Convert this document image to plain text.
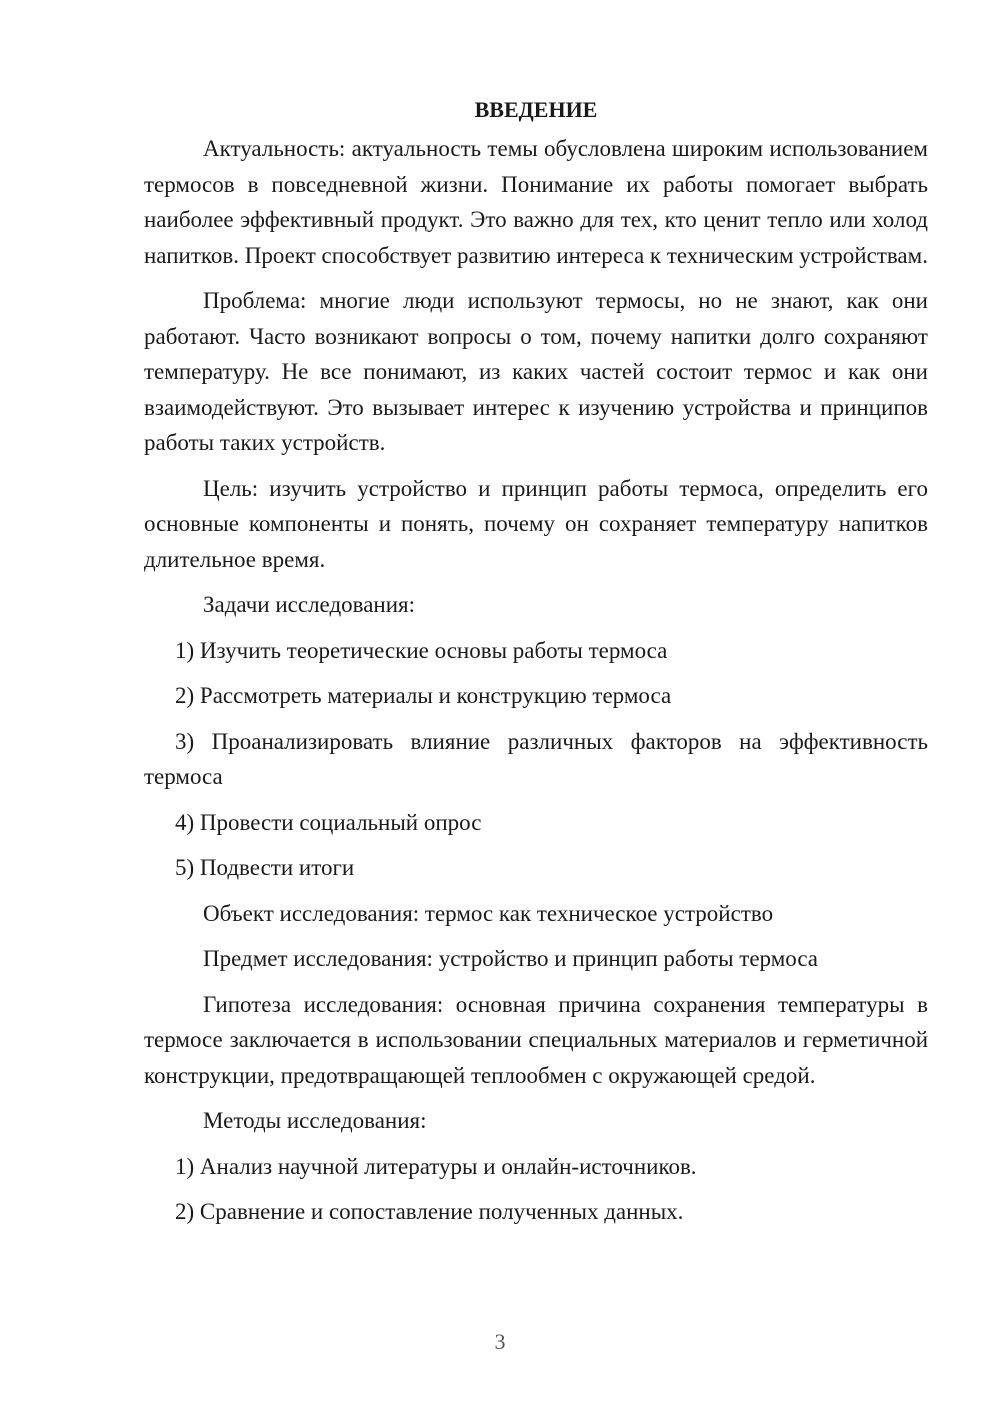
ВВЕДЕНИЕ

Актуальность: актуальность темы обусловлена широким использованием термосов в повседневной жизни. Понимание их работы помогает выбрать наиболее эффективный продукт. Это важно для тех, кто ценит тепло или холод напитков. Проект способствует развитию интереса к техническим устройствам.

Проблема: многие люди используют термосы, но не знают, как они работают. Часто возникают вопросы о том, почему напитки долго сохраняют температуру. Не все понимают, из каких частей состоит термос и как они взаимодействуют. Это вызывает интерес к изучению устройства и принципов работы таких устройств.

Цель: изучить устройство и принцип работы термоса, определить его основные компоненты и понять, почему он сохраняет температуру напитков длительное время.

Задачи исследования:

1) Изучить теоретические основы работы термоса

2) Рассмотреть материалы и конструкцию термоса

3) Проанализировать влияние различных факторов на эффективность термоса

4) Провести социальный опрос

5) Подвести итоги

Объект исследования: термос как техническое устройство

Предмет исследования: устройство и принцип работы термоса

Гипотеза исследования: основная причина сохранения температуры в термосе заключается в использовании специальных материалов и герметичной конструкции, предотвращающей теплообмен с окружающей средой.

Методы исследования:

1) Анализ научной литературы и онлайн-источников.

2) Сравнение и сопоставление полученных данных.

3
